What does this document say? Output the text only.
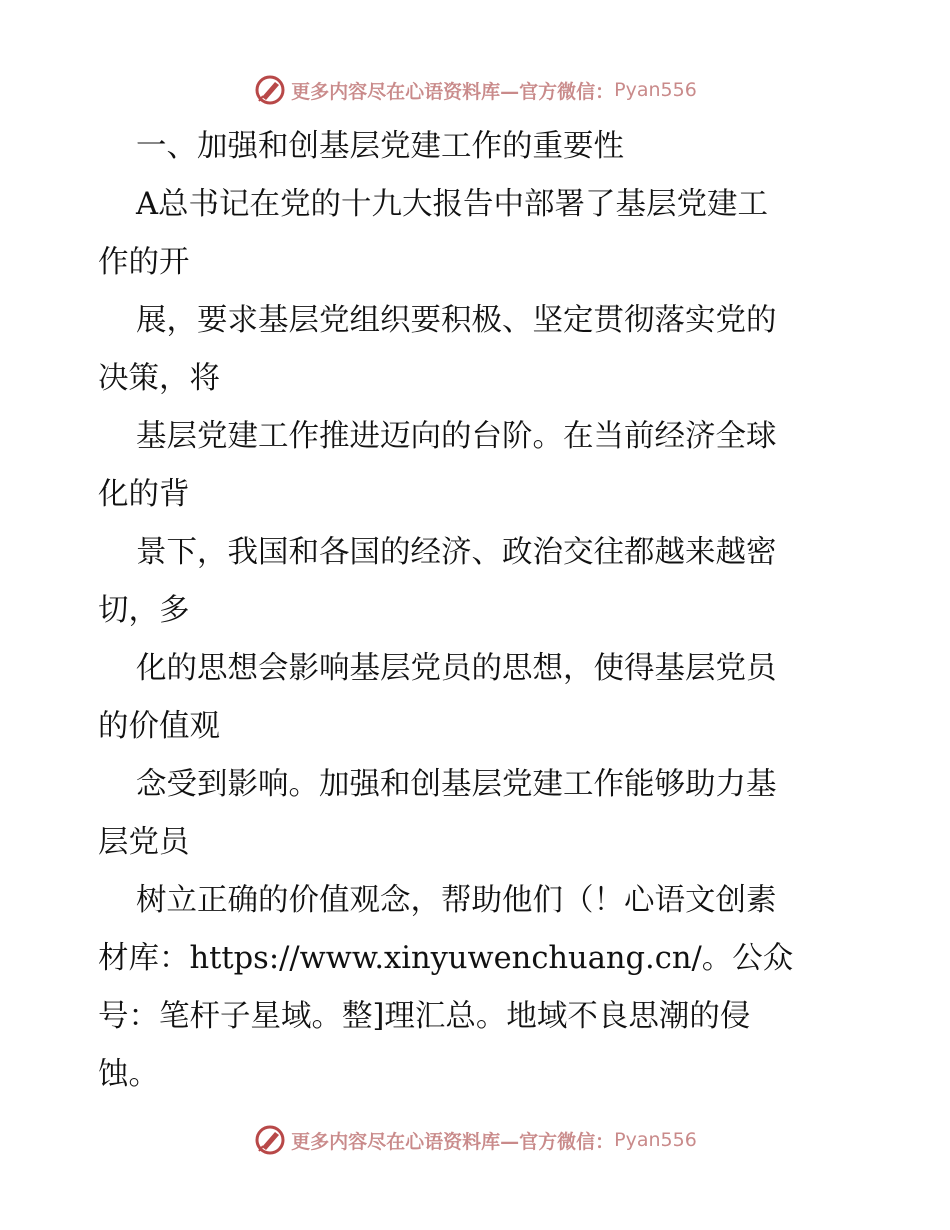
更多内容尽在心语资料库—官方微信： Pyan556
一、加强和创基层党建工作的重要性
A总书记在党的十九大报告中部署了基层党建工
作的开
展，要求基层党组织要积极、坚定贯彻落实党的
决策，将
基层党建工作推进迈向的台阶。在当前经济全球
化的背
景下，我国和各国的经济、政治交往都越来越密
切，多
化的思想会影响基层党员的思想，使得基层党员
的价值观
念受到影响。加强和创基层党建工作能够助力基
层党员
树立正确的价值观念，帮助他们（！心语文创素
材库：https://www.xinyuwenchuang.cn/。公众
号：笔杆子星域。整]理汇总。地域不良思潮的侵
蚀。
更多内容尽在心语资料库—官方微信： Pyan556
